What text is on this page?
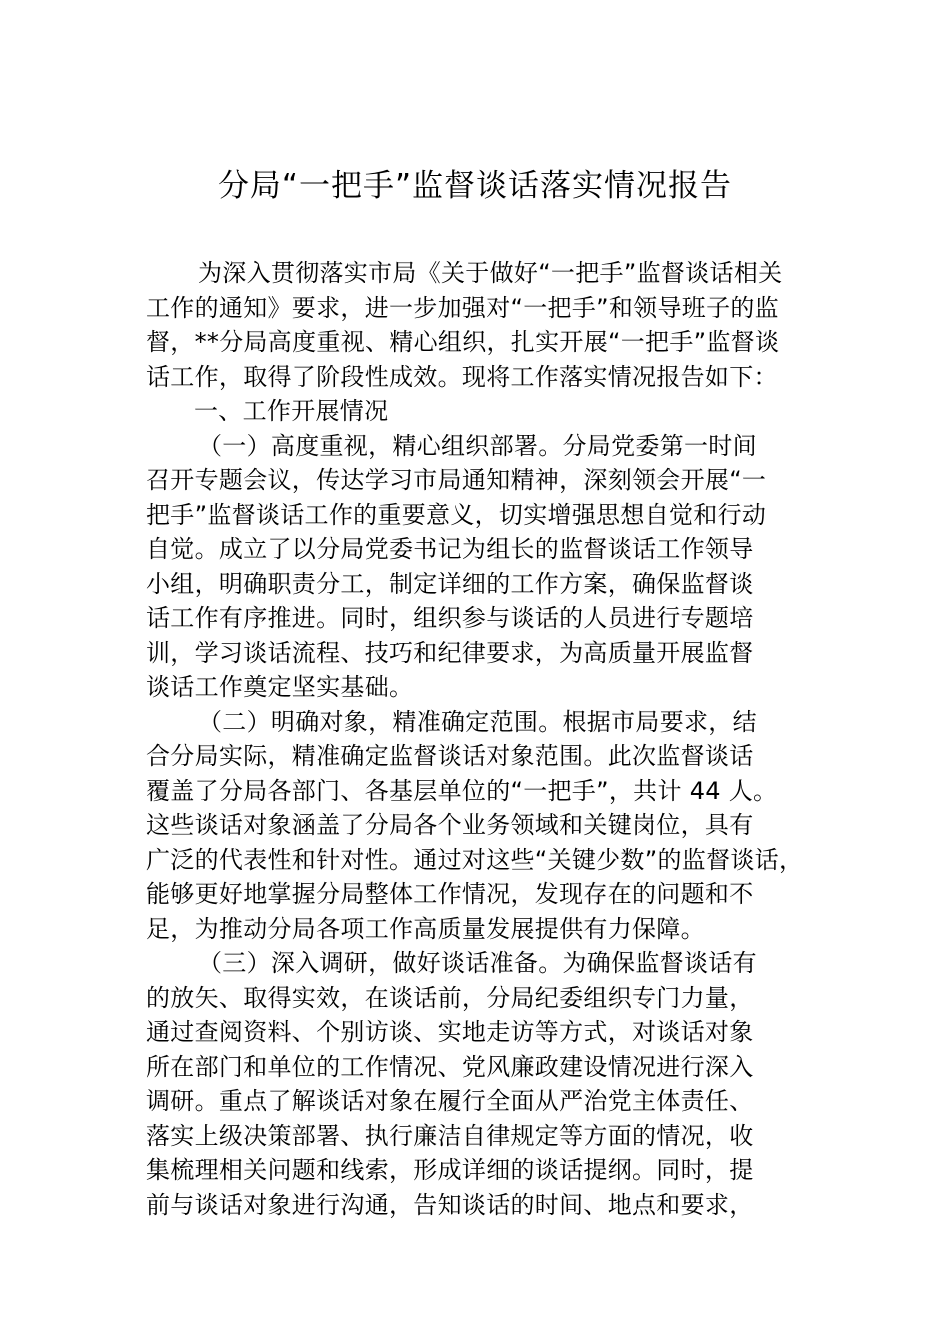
分局“一把手”监督谈话落实情况报告
为深入贯彻落实市局《关于做好“一把手”监督谈话相关
工作的通知》要求，进一步加强对“一把手”和领导班子的监
督，**分局高度重视、精心组织，扎实开展“一把手”监督谈
话工作，取得了阶段性成效。现将工作落实情况报告如下：
一、工作开展情况
（一）高度重视，精心组织部署。分局党委第一时间
召开专题会议，传达学习市局通知精神，深刻领会开展“一
把手”监督谈话工作的重要意义，切实增强思想自觉和行动
自觉。成立了以分局党委书记为组长的监督谈话工作领导
小组，明确职责分工，制定详细的工作方案，确保监督谈
话工作有序推进。同时，组织参与谈话的人员进行专题培
训，学习谈话流程、技巧和纪律要求，为高质量开展监督
谈话工作奠定坚实基础。
（二）明确对象，精准确定范围。根据市局要求，结
合分局实际，精准确定监督谈话对象范围。此次监督谈话
覆盖了分局各部门、各基层单位的“一把手”，共计 44 人。
这些谈话对象涵盖了分局各个业务领域和关键岗位，具有
广泛的代表性和针对性。通过对这些“关键少数”的监督谈话，
能够更好地掌握分局整体工作情况，发现存在的问题和不
足，为推动分局各项工作高质量发展提供有力保障。
（三）深入调研，做好谈话准备。为确保监督谈话有
的放矢、取得实效，在谈话前，分局纪委组织专门力量，
通过查阅资料、个别访谈、实地走访等方式，对谈话对象
所在部门和单位的工作情况、党风廉政建设情况进行深入
调研。重点了解谈话对象在履行全面从严治党主体责任、
落实上级决策部署、执行廉洁自律规定等方面的情况，收
集梳理相关问题和线索，形成详细的谈话提纲。同时，提
前与谈话对象进行沟通，告知谈话的时间、地点和要求，
